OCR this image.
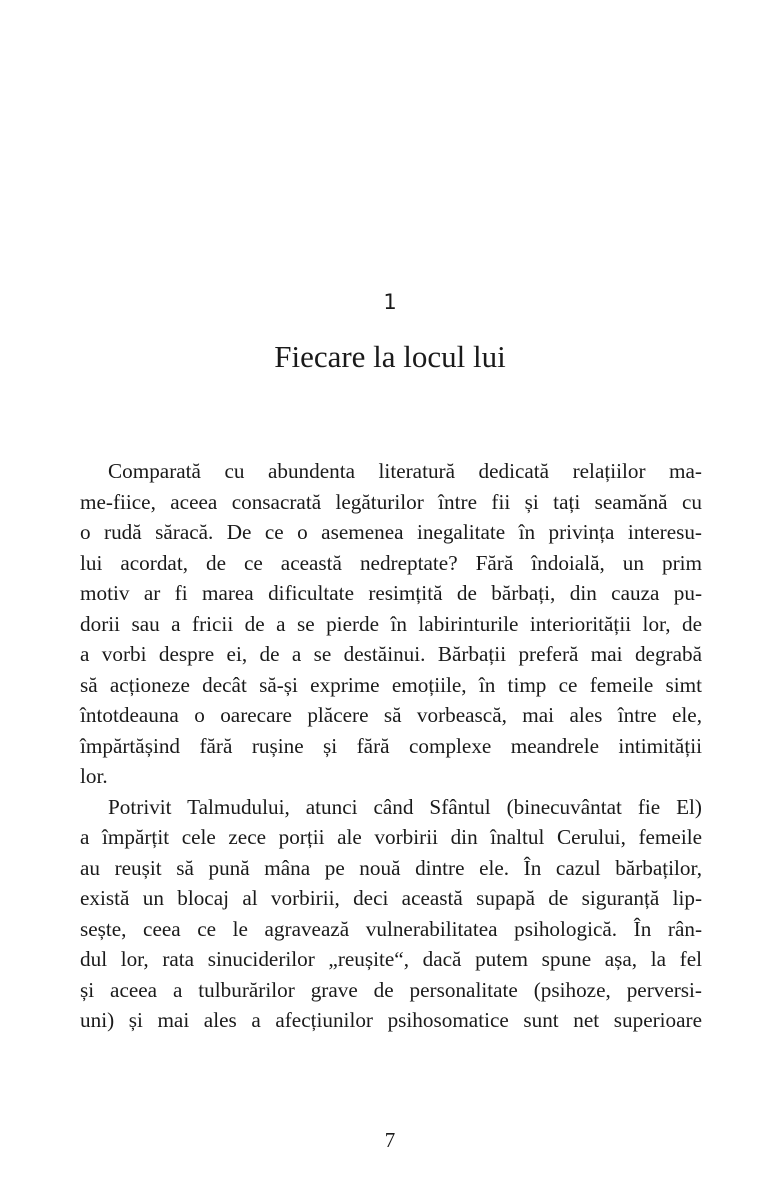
1
Fiecare la locul lui

Comparată cu abundenta literatură dedicată relațiilor ma-
me-fiice, aceea consacrată legăturilor între fii și tați seamănă cu
o rudă săracă. De ce o asemenea inegalitate în privința interesu-
lui acordat, de ce această nedreptate? Fără îndoială, un prim
motiv ar fi marea dificultate resimțită de bărbați, din cauza pu-
dorii sau a fricii de a se pierde în labirinturile interiorității lor, de
a vorbi despre ei, de a se destăinui. Bărbații preferă mai degrabă
să acționeze decât să-și exprime emoțiile, în timp ce femeile simt
întotdeauna o oarecare plăcere să vorbească, mai ales între ele,
împărtășind fără rușine și fără complexe meandrele intimității
lor.

Potrivit Talmudului, atunci când Sfântul (binecuvântat fie El)
a împărțit cele zece porții ale vorbirii din înaltul Cerului, femeile
au reușit să pună mâna pe nouă dintre ele. În cazul bărbaților,
există un blocaj al vorbirii, deci această supapă de siguranță lip-
sește, ceea ce le agravează vulnerabilitatea psihologică. În rân-
dul lor, rata sinuciderilor „reușite“, dacă putem spune așa, la fel
și aceea a tulburărilor grave de personalitate (psihoze, perversi-
uni) și mai ales a afecțiunilor psihosomatice sunt net superioare

7
